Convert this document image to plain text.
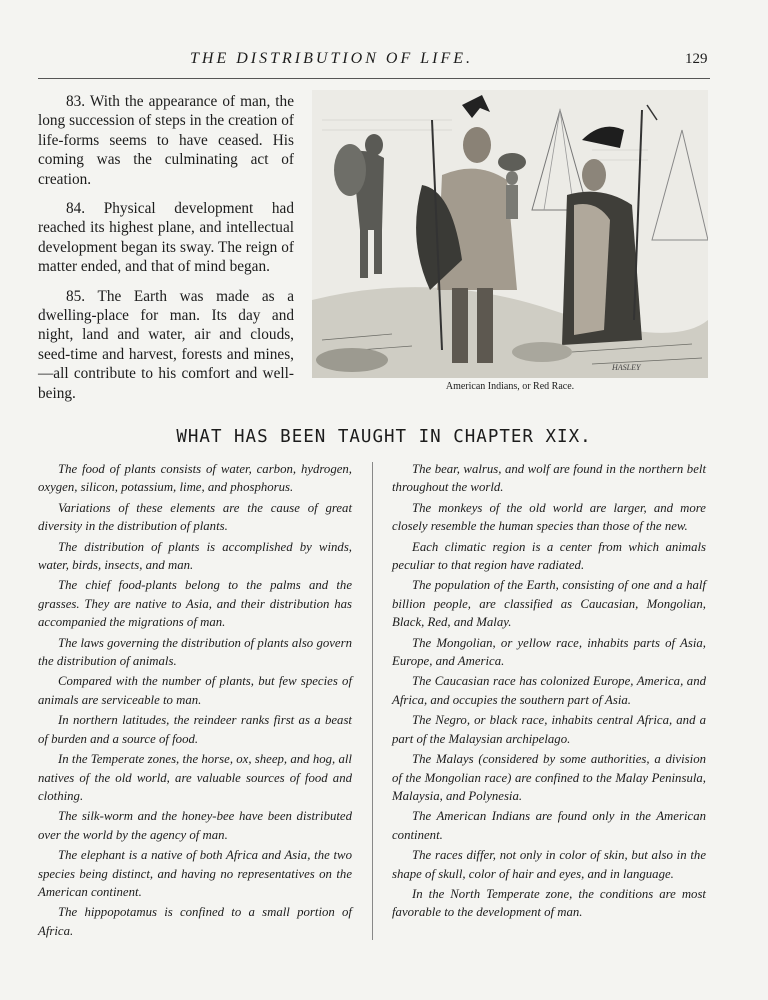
THE DISTRIBUTION OF LIFE.	129

83. With the appearance of man, the long succession of steps in the creation of life-forms seems to have ceased. His coming was the culminating act of creation.

84. Physical development had reached its highest plane, and intellectual development began its sway. The reign of matter ended, and that of mind began.

85. The Earth was made as a dwelling-place for man. Its day and night, land and water, air and clouds, seed-time and harvest, forests and mines,—all contribute to his comfort and well-being.

HASLEY
American Indians, or Red Race.
WHAT HAS BEEN TAUGHT IN CHAPTER XIX.

The food of plants consists of water, carbon, hydrogen, oxygen, silicon, potassium, lime, and phosphorus.

Variations of these elements are the cause of great diversity in the distribution of plants.

The distribution of plants is accomplished by winds, water, birds, insects, and man.

The chief food-plants belong to the palms and the grasses. They are native to Asia, and their distribution has accompanied the migrations of man.

The laws governing the distribution of plants also govern the distribution of animals.

Compared with the number of plants, but few species of animals are serviceable to man.

In northern latitudes, the reindeer ranks first as a beast of burden and a source of food.

In the Temperate zones, the horse, ox, sheep, and hog, all natives of the old world, are valuable sources of food and clothing.

The silk-worm and the honey-bee have been distributed over the world by the agency of man.

The elephant is a native of both Africa and Asia, the two species being distinct, and having no representatives on the American continent.

The hippopotamus is confined to a small portion of Africa.

The bear, walrus, and wolf are found in the northern belt throughout the world.

The monkeys of the old world are larger, and more closely resemble the human species than those of the new.

Each climatic region is a center from which animals peculiar to that region have radiated.

The population of the Earth, consisting of one and a half billion people, are classified as Caucasian, Mongolian, Black, Red, and Malay.

The Mongolian, or yellow race, inhabits parts of Asia, Europe, and America.

The Caucasian race has colonized Europe, America, and Africa, and occupies the southern part of Asia.

The Negro, or black race, inhabits central Africa, and a part of the Malaysian archipelago.

The Malays (considered by some authorities, a division of the Mongolian race) are confined to the Malay Peninsula, Malaysia, and Polynesia.

The American Indians are found only in the American continent.

The races differ, not only in color of skin, but also in the shape of skull, color of hair and eyes, and in language.

In the North Temperate zone, the conditions are most favorable to the development of man.
